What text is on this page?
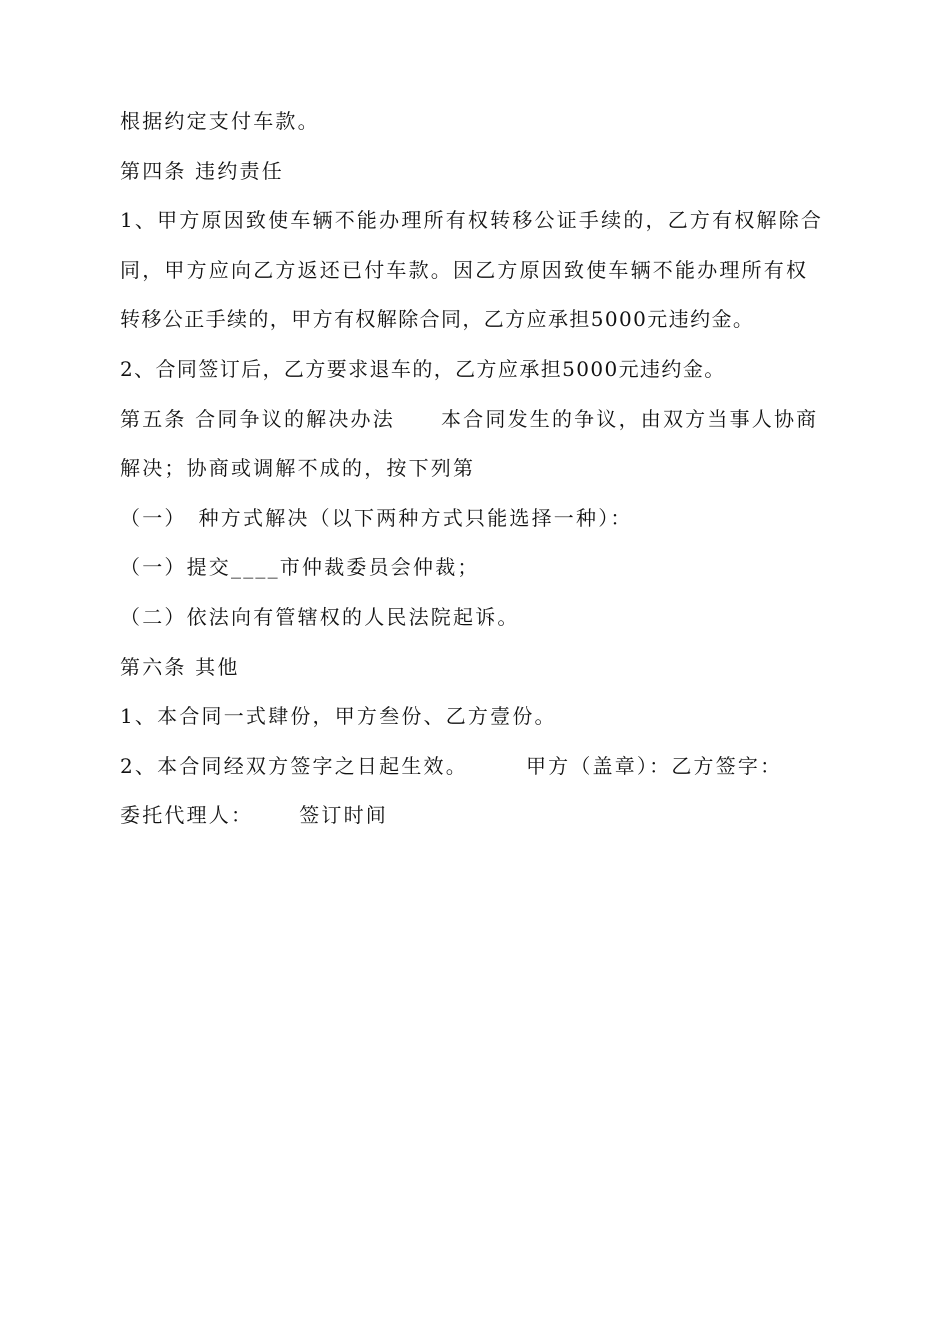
根据约定支付车款。
第四条 违约责任
1、甲方原因致使车辆不能办理所有权转移公证手续的，乙方有权解除合
同，甲方应向乙方返还已付车款。因乙方原因致使车辆不能办理所有权
转移公正手续的，甲方有权解除合同，乙方应承担5000元违约金。
2、合同签订后，乙方要求退车的，乙方应承担5000元违约金。
第五条 合同争议的解决办法 本合同发生的争议，由双方当事人协商
解决；协商或调解不成的，按下列第
（一） 种方式解决（以下两种方式只能选择一种）：
（一）提交____市仲裁委员会仲裁；
（二）依法向有管辖权的人民法院起诉。
第六条 其他
1、本合同一式肆份，甲方叁份、乙方壹份。
2、本合同经双方签字之日起生效。	甲方（盖章）：乙方签字：
委托代理人： 签订时间
